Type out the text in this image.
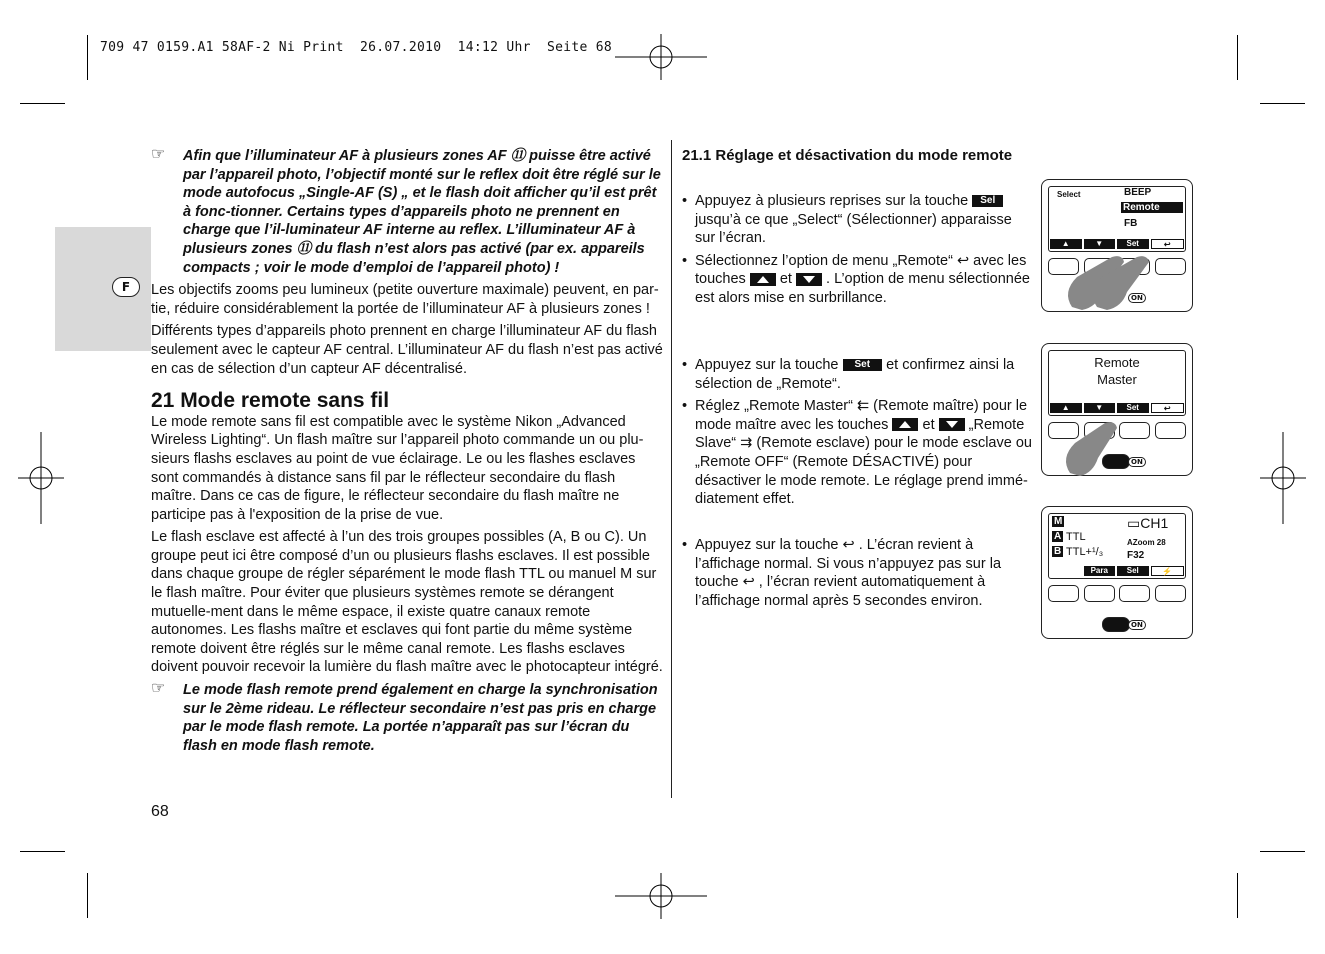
709 47 0159.A1 58AF-2 Ni Print  26.07.2010  14:12 Uhr  Seite 68
F
☞ Afin que l’illuminateur AF à plusieurs zones AF ⑪ puisse être activé par l’appareil photo, l’objectif monté sur le reflex doit être réglé sur le mode autofocus „Single-AF (S) „ et le flash doit afficher qu’il est prêt à fonc-tionner. Certains types d’appareils photo ne prennent en charge que l’il-luminateur AF interne au reflex. L’illuminateur AF à plusieurs zones ⑪ du flash n’est alors pas activé (par ex. appareils compacts ; voir le mode d’emploi de l’appareil photo) !

Les objectifs zooms peu lumineux (petite ouverture maximale) peuvent, en par-tie, réduire considérablement la portée de l’illuminateur AF à plusieurs zones !

Différents types d’appareils photo prennent en charge l’illuminateur AF du flash seulement avec le capteur AF central. L’illuminateur AF du flash n’est pas activé en cas de sélection d’un capteur AF décentralisé.

21 Mode remote sans fil

Le mode remote sans fil est compatible avec le système Nikon „Advanced Wireless Lighting“. Un flash maître sur l’appareil photo commande un ou plu-sieurs flashs esclaves au point de vue éclairage. Le ou les flashes esclaves sont commandés à distance sans fil par le réflecteur secondaire du flash maître. Dans ce cas de figure, le réflecteur secondaire du flash maître ne participe pas à l'exposition de la prise de vue.

Le flash esclave est affecté à l’un des trois groupes possibles (A, B ou C). Un groupe peut ici être composé d’un ou plusieurs flashs esclaves. Il est possible dans chaque groupe de régler séparément le mode flash TTL ou manuel M sur le flash maître. Pour éviter que plusieurs systèmes remote se dérangent mutuelle-ment dans le même espace, il existe quatre canaux remote autonomes. Les flashs maître et esclaves qui font partie du même système remote doivent être réglés sur le même canal remote. Les flashs esclaves doivent pouvoir recevoir la lumière du flash maître avec le photocapteur intégré.

☞ Le mode flash remote prend également en charge la synchronisation sur le 2ème rideau. Le réflecteur secondaire n’est pas pris en charge par le mode flash remote. La portée n’apparaît pas sur l’écran du flash en mode flash remote.

68
21.1 Réglage et désactivation du mode remote
• Appuyez à plusieurs reprises sur la touche Sel jusqu’à ce que „Select“ (Sélectionner) apparaisse sur l’écran.
• Sélectionnez l’option de menu „Remote“ ↩ avec les touches et . L’option de menu sélectionnée est alors mise en surbrillance.
• Appuyez sur la touche Set et confirmez ainsi la sélection de „Remote“.
• Réglez „Remote Master“ ⇇ (Remote maître) pour le mode maître avec les touches et „Remote Slave“ ⇉ (Remote esclave) pour le mode esclave ou „Remote OFF“ (Remote DÉSACTIVÉ) pour désactiver le mode remote. Le réglage prend immé-diatement effet.
• Appuyez sur la touche ↩ . L’écran revient à l’affichage normal. Si vous n’appuyez pas sur la touche ↩ , l’écran revient automatiquement à l’affichage normal après 5 secondes environ.
Select	BEEP
Remote
FB
▲	▼	Set	↩
ON
Remote
Master
▲	▼	Set	↩
ON
M
A TTL
B TTL+¹/₃
▭CH1
AZoom 28
F32
Para	Sel	⚡
ON
